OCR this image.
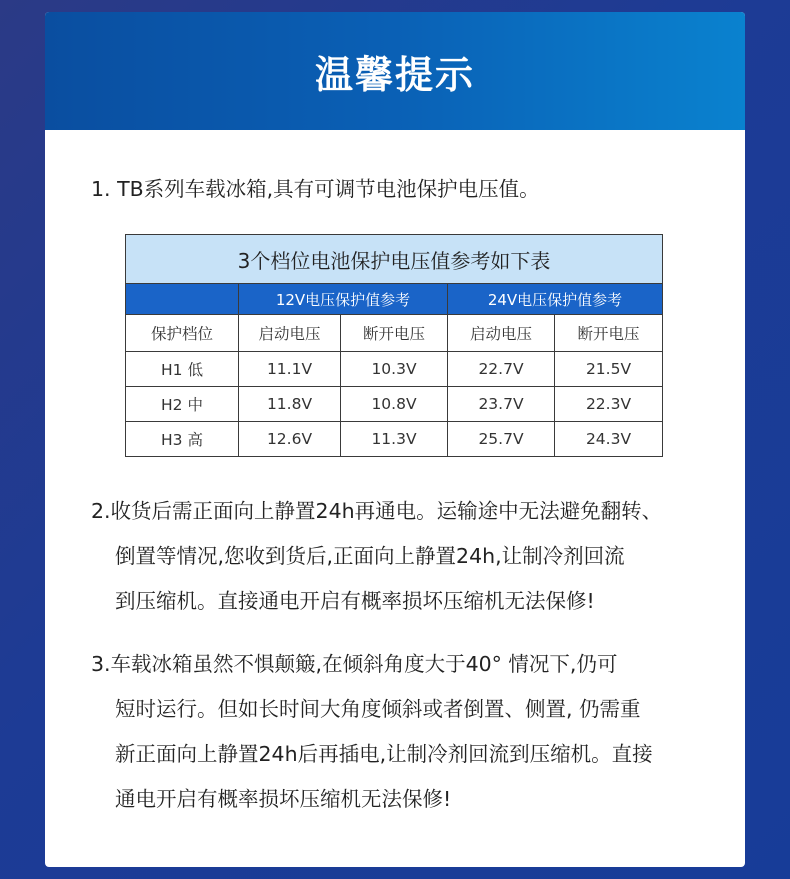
温馨提示
1. TB系列车载冰箱,具有可调节电池保护电压值。
3个档位电池保护电压值参考如下表				
	12V电压保护值参考		24V电压保护值参考	
保护档位	启动电压	断开电压	启动电压	断开电压
H1 低	11.1V	10.3V	22.7V	21.5V
H2 中	11.8V	10.8V	23.7V	22.3V
H3 高	12.6V	11.3V	25.7V	24.3V
2.收货后需正面向上静置24h再通电。运输途中无法避免翻转、
倒置等情况,您收到货后,正面向上静置24h,让制冷剂回流
到压缩机。直接通电开启有概率损坏压缩机无法保修!
3.车载冰箱虽然不惧颠簸,在倾斜角度大于40° 情况下,仍可
短时运行。但如长时间大角度倾斜或者倒置、侧置, 仍需重
新正面向上静置24h后再插电,让制冷剂回流到压缩机。直接
通电开启有概率损坏压缩机无法保修!
